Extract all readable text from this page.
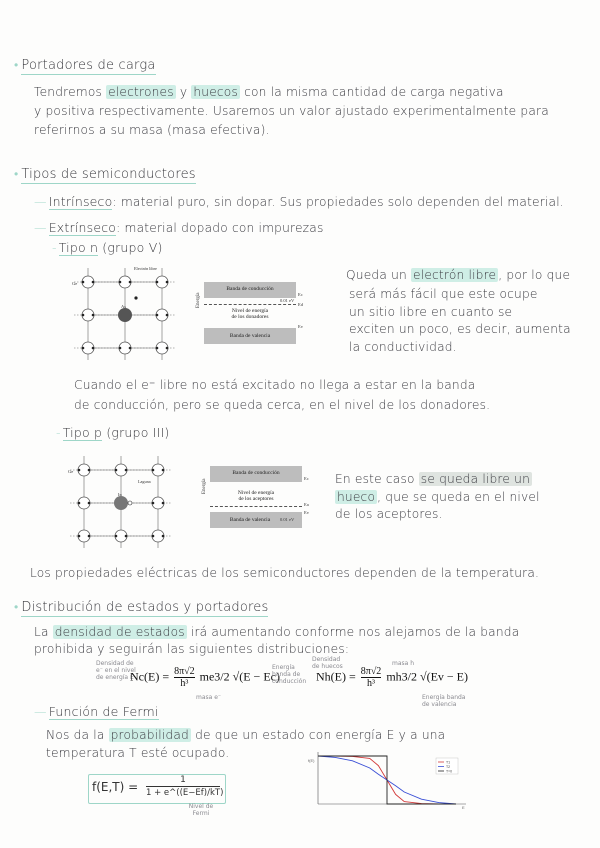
• Portadores de carga
Tendremos electrones y huecos con la misma cantidad de carga negativa
y positiva respectivamente. Usaremos un valor ajustado experimentalmente para
referirnos a su masa (masa efectiva).
• Tipos de semiconductores
— Intrínseco: material puro, sin dopar. Sus propiedades solo dependen del material.
— Extrínseco: material dopado con impurezas
- Tipo n (grupo V)
Ge
As
Electrón libre
Banda de conducción
Nivel de energía
de los donadores
Banda de valencia
Energía	0.01 eV
Ec
Ed
Ev
Queda un electrón libre , por lo que
será más fácil que este ocupe
un sitio libre en cuanto se
exciten un poco, es decir, aumenta
la conductividad.
Cuando el e⁻ libre no está excitado no llega a estar en la banda
de conducción, pero se queda cerca, en el nivel de los donadores.
- Tipo p (grupo III)
Ge
In
Laguna
Banda de conducción
Nivel de energía
de los aceptores
Banda de valencia
Energía
0.01 eV
Ec
Ea
Ev
En este caso se queda libre un
hueco , que se queda en el nivel
de los aceptores.
Los propiedades eléctricas de los semiconductores dependen de la temperatura.
• Distribución de estados y portadores
La densidad de estados irá aumentando conforme nos alejamos de la banda
prohibida y seguirán las siguientes distribuciones:
Densidad de e⁻ en el nivel de energía E
$Nc(E) = \frac{8\pi√2}{\text{h³}} me3/2$ √(E − Ec)
masa e⁻
Energía banda de conducción
Densidad de huecos
$Nh(E) = \frac{8\pi√2}{\text{h³}} mh3/2$ √(Ev − E)
masa h
Energía banda de valencia
— Función de Fermi
Nos da la probabilidad de que un estado con energía E y a una
temperatura T esté ocupado.
f(E,T) =	1
1 + e^((E−Ef)/kT)
Nivel de Fermi
f(E)
E
T1
T2
T=0
